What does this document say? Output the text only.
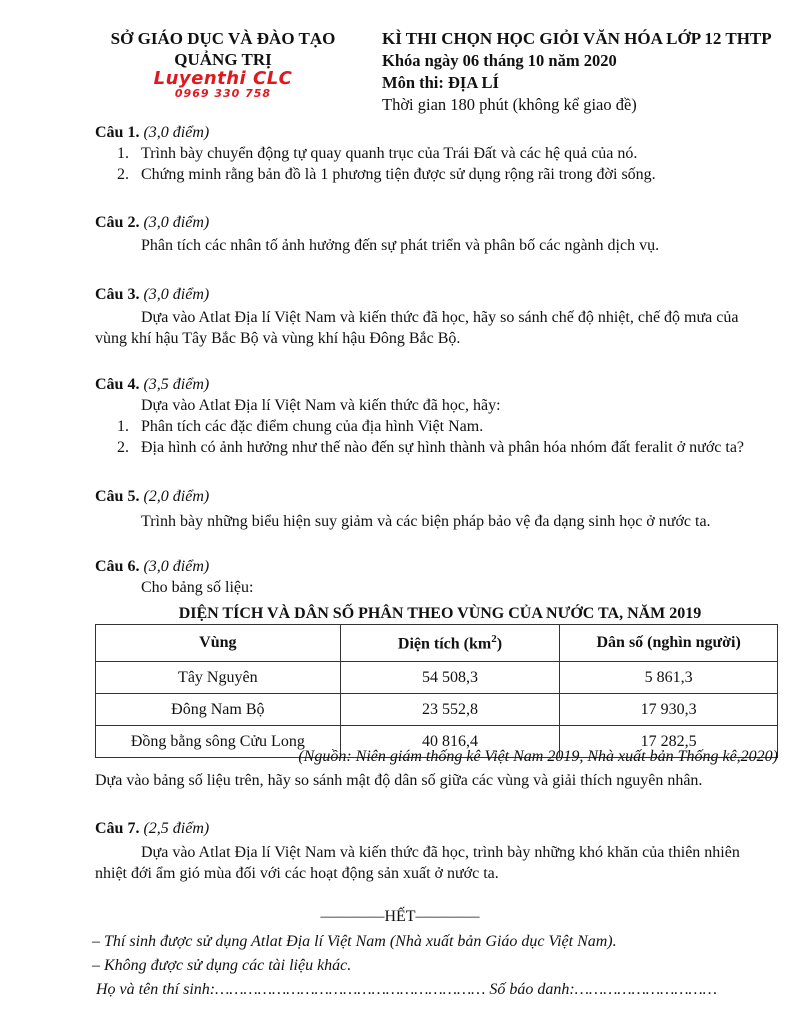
SỞ GIÁO DỤC VÀ ĐÀO TẠO
QUẢNG TRỊ
Luyenthi CLC
0969 330 758
KÌ THI CHỌN HỌC GIỎI VĂN HÓA LỚP 12 THTP
Khóa ngày 06 tháng 10 năm 2020
Môn thi: ĐỊA LÍ
Thời gian 180 phút (không kể giao đề)
Câu 1. (3,0 điểm)
1. Trình bày chuyển động tự quay quanh trục của Trái Đất và các hệ quả của nó.
2. Chứng minh rằng bản đồ là 1 phương tiện được sử dụng rộng rãi trong đời sống.
Câu 2. (3,0 điểm)
Phân tích các nhân tố ảnh hưởng đến sự phát triển và phân bố các ngành dịch vụ.
Câu 3. (3,0 điểm)
Dựa vào Atlat Địa lí Việt Nam và kiến thức đã học, hãy so sánh chế độ nhiệt, chế độ mưa của
vùng khí hậu Tây Bắc Bộ và vùng khí hậu Đông Bắc Bộ.
Câu 4. (3,5 điểm)
Dựa vào Atlat Địa lí Việt Nam và kiến thức đã học, hãy:
1. Phân tích các đặc điểm chung của địa hình Việt Nam.
2. Địa hình có ảnh hưởng như thế nào đến sự hình thành và phân hóa nhóm đất feralit ở nước ta?
Câu 5. (2,0 điểm)
Trình bày những biểu hiện suy giảm và các biện pháp bảo vệ đa dạng sinh học ở nước ta.
Câu 6. (3,0 điểm)
Cho bảng số liệu:
DIỆN TÍCH VÀ DÂN SỐ PHÂN THEO VÙNG CỦA NƯỚC TA, NĂM 2019
Vùng	Diện tích $(km^2)$	Dân số (nghìn người)
Tây Nguyên	54 508,3	5 861,3
Đông Nam Bộ	23 552,8	17 930,3
Đồng bằng sông Cửu Long	40 816,4	17 282,5
(Nguồn: Niên giám thống kê Việt Nam 2019, Nhà xuất bản Thống kê,2020)
Dựa vào bảng số liệu trên, hãy so sánh mật độ dân số giữa các vùng và giải thích nguyên nhân.
Câu 7. (2,5 điểm)
Dựa vào Atlat Địa lí Việt Nam và kiến thức đã học, trình bày những khó khăn của thiên nhiên
nhiệt đới ẩm gió mùa đối với các hoạt động sản xuất ở nước ta.
————HẾT————
– Thí sinh được sử dụng Atlat Địa lí Việt Nam (Nhà xuất bản Giáo dục Việt Nam).
– Không được sử dụng các tài liệu khác.
Họ và tên thí sinh:………………………………………………… Số báo danh:…………………………
